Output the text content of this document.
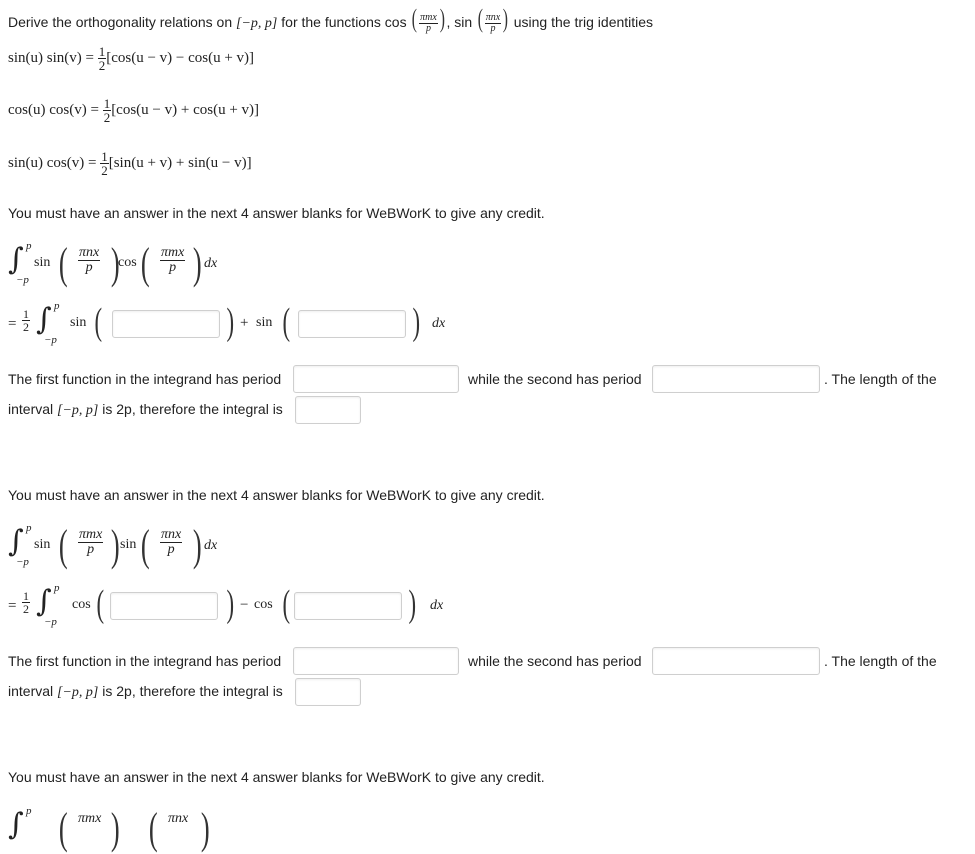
Derive the orthogonality relations on [−p, p] for the functions cos ( $\frac{\text{πmx}}{p}$ ) , sin ( $\frac{\text{πnx}}{p}$ ) using the trig identities
sin(u) $\sin(v) = \frac{1}{2} [\cos(u - v) - \cos(u + v)]$
cos(u) $\cos(v) = \frac{1}{2} [\cos(u - v) + \cos(u + v)]$
sin(u) $\cos(v) = \frac{1}{2} [\sin(u + v) + \sin(u - v)]$
You must have an answer in the next 4 answer blanks for WeBWorK to give any credit.
∫ p
−p
sin ( πnx
p )
cos ( πmx
p ) dx
= $\frac{1}{2}$ ∫ p
−p
sin (	) + sin (	) dx
The first function in the integrand has period	while the second has period	. The length of the
interval [−p, p] is 2p, therefore the integral is
You must have an answer in the next 4 answer blanks for WeBWorK to give any credit.
∫ p
−p
sin ( πmx
p ) sin ( πnx
p ) dx
= $\frac{1}{2}$ ∫ p
−p
cos (	) − cos (	) dx
The first function in the integrand has period	while the second has period	. The length of the
interval [−p, p] is 2p, therefore the integral is
You must have an answer in the next 4 answer blanks for WeBWorK to give any credit.
∫ p ( πmx ) ( πnx )
